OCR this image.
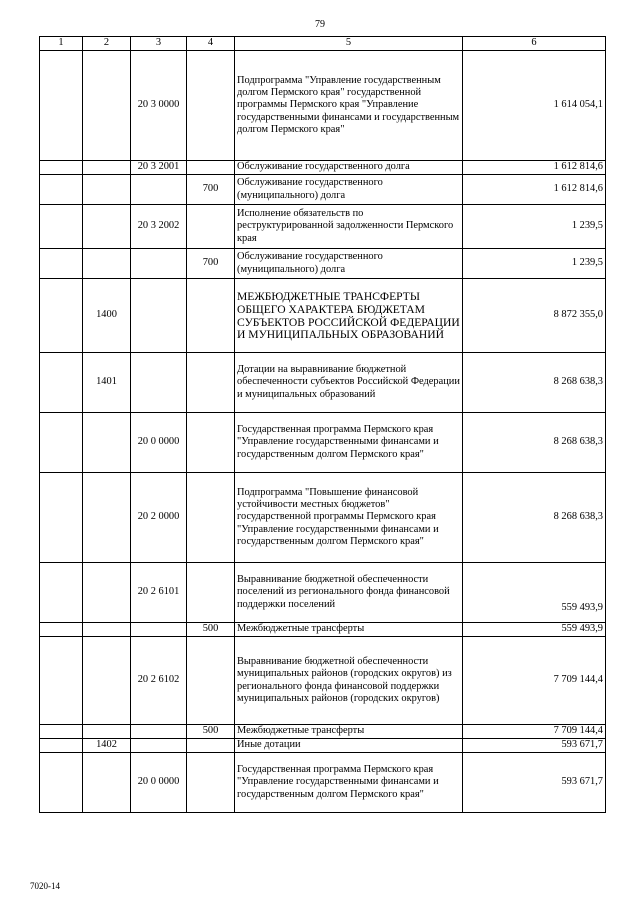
79
1	2	3	4	5	6
		20 3 0000		Подпрограмма "Управление государственным долгом Пермского края" государственной программы Пермского края "Управление государственными финансами и государственным долгом Пермского края"	1 614 054,1
		20 3 2001		Обслуживание государственного долга	1 612 814,6
			700	Обслуживание государственного (муниципального) долга	1 612 814,6
		20 3 2002		Исполнение обязательств по реструктурированной задолженности Пермского края	1 239,5
			700	Обслуживание государственного (муниципального) долга	1 239,5
	1400			МЕЖБЮДЖЕТНЫЕ ТРАНСФЕРТЫ ОБЩЕГО ХАРАКТЕРА БЮДЖЕТАМ СУБЪЕКТОВ РОССИЙСКОЙ ФЕДЕРАЦИИ И МУНИЦИПАЛЬНЫХ ОБРАЗОВАНИЙ	8 872 355,0
	1401			Дотации на выравнивание бюджетной обеспеченности субъектов Российской Федерации и муниципальных образований	8 268 638,3
		20 0 0000		Государственная программа Пермского края "Управление государственными финансами и государственным долгом Пермского края"	8 268 638,3
		20 2 0000		Подпрограмма "Повышение финансовой устойчивости местных бюджетов" государственной программы Пермского края "Управление государственными финансами и государственным долгом Пермского края"	8 268 638,3
		20 2 6101		Выравнивание бюджетной обеспеченности поселений из регионального фонда финансовой поддержки поселений	559 493,9
			500	Межбюджетные трансферты	559 493,9
		20 2 6102		Выравнивание бюджетной обеспеченности муниципальных районов (городских округов) из регионального фонда финансовой поддержки муниципальных районов (городских округов)	7 709 144,4
			500	Межбюджетные трансферты	7 709 144,4
	1402			Иные дотации	593 671,7
		20 0 0000		Государственная программа Пермского края "Управление государственными финансами и государственным долгом Пермского края"	593 671,7
7020-14
